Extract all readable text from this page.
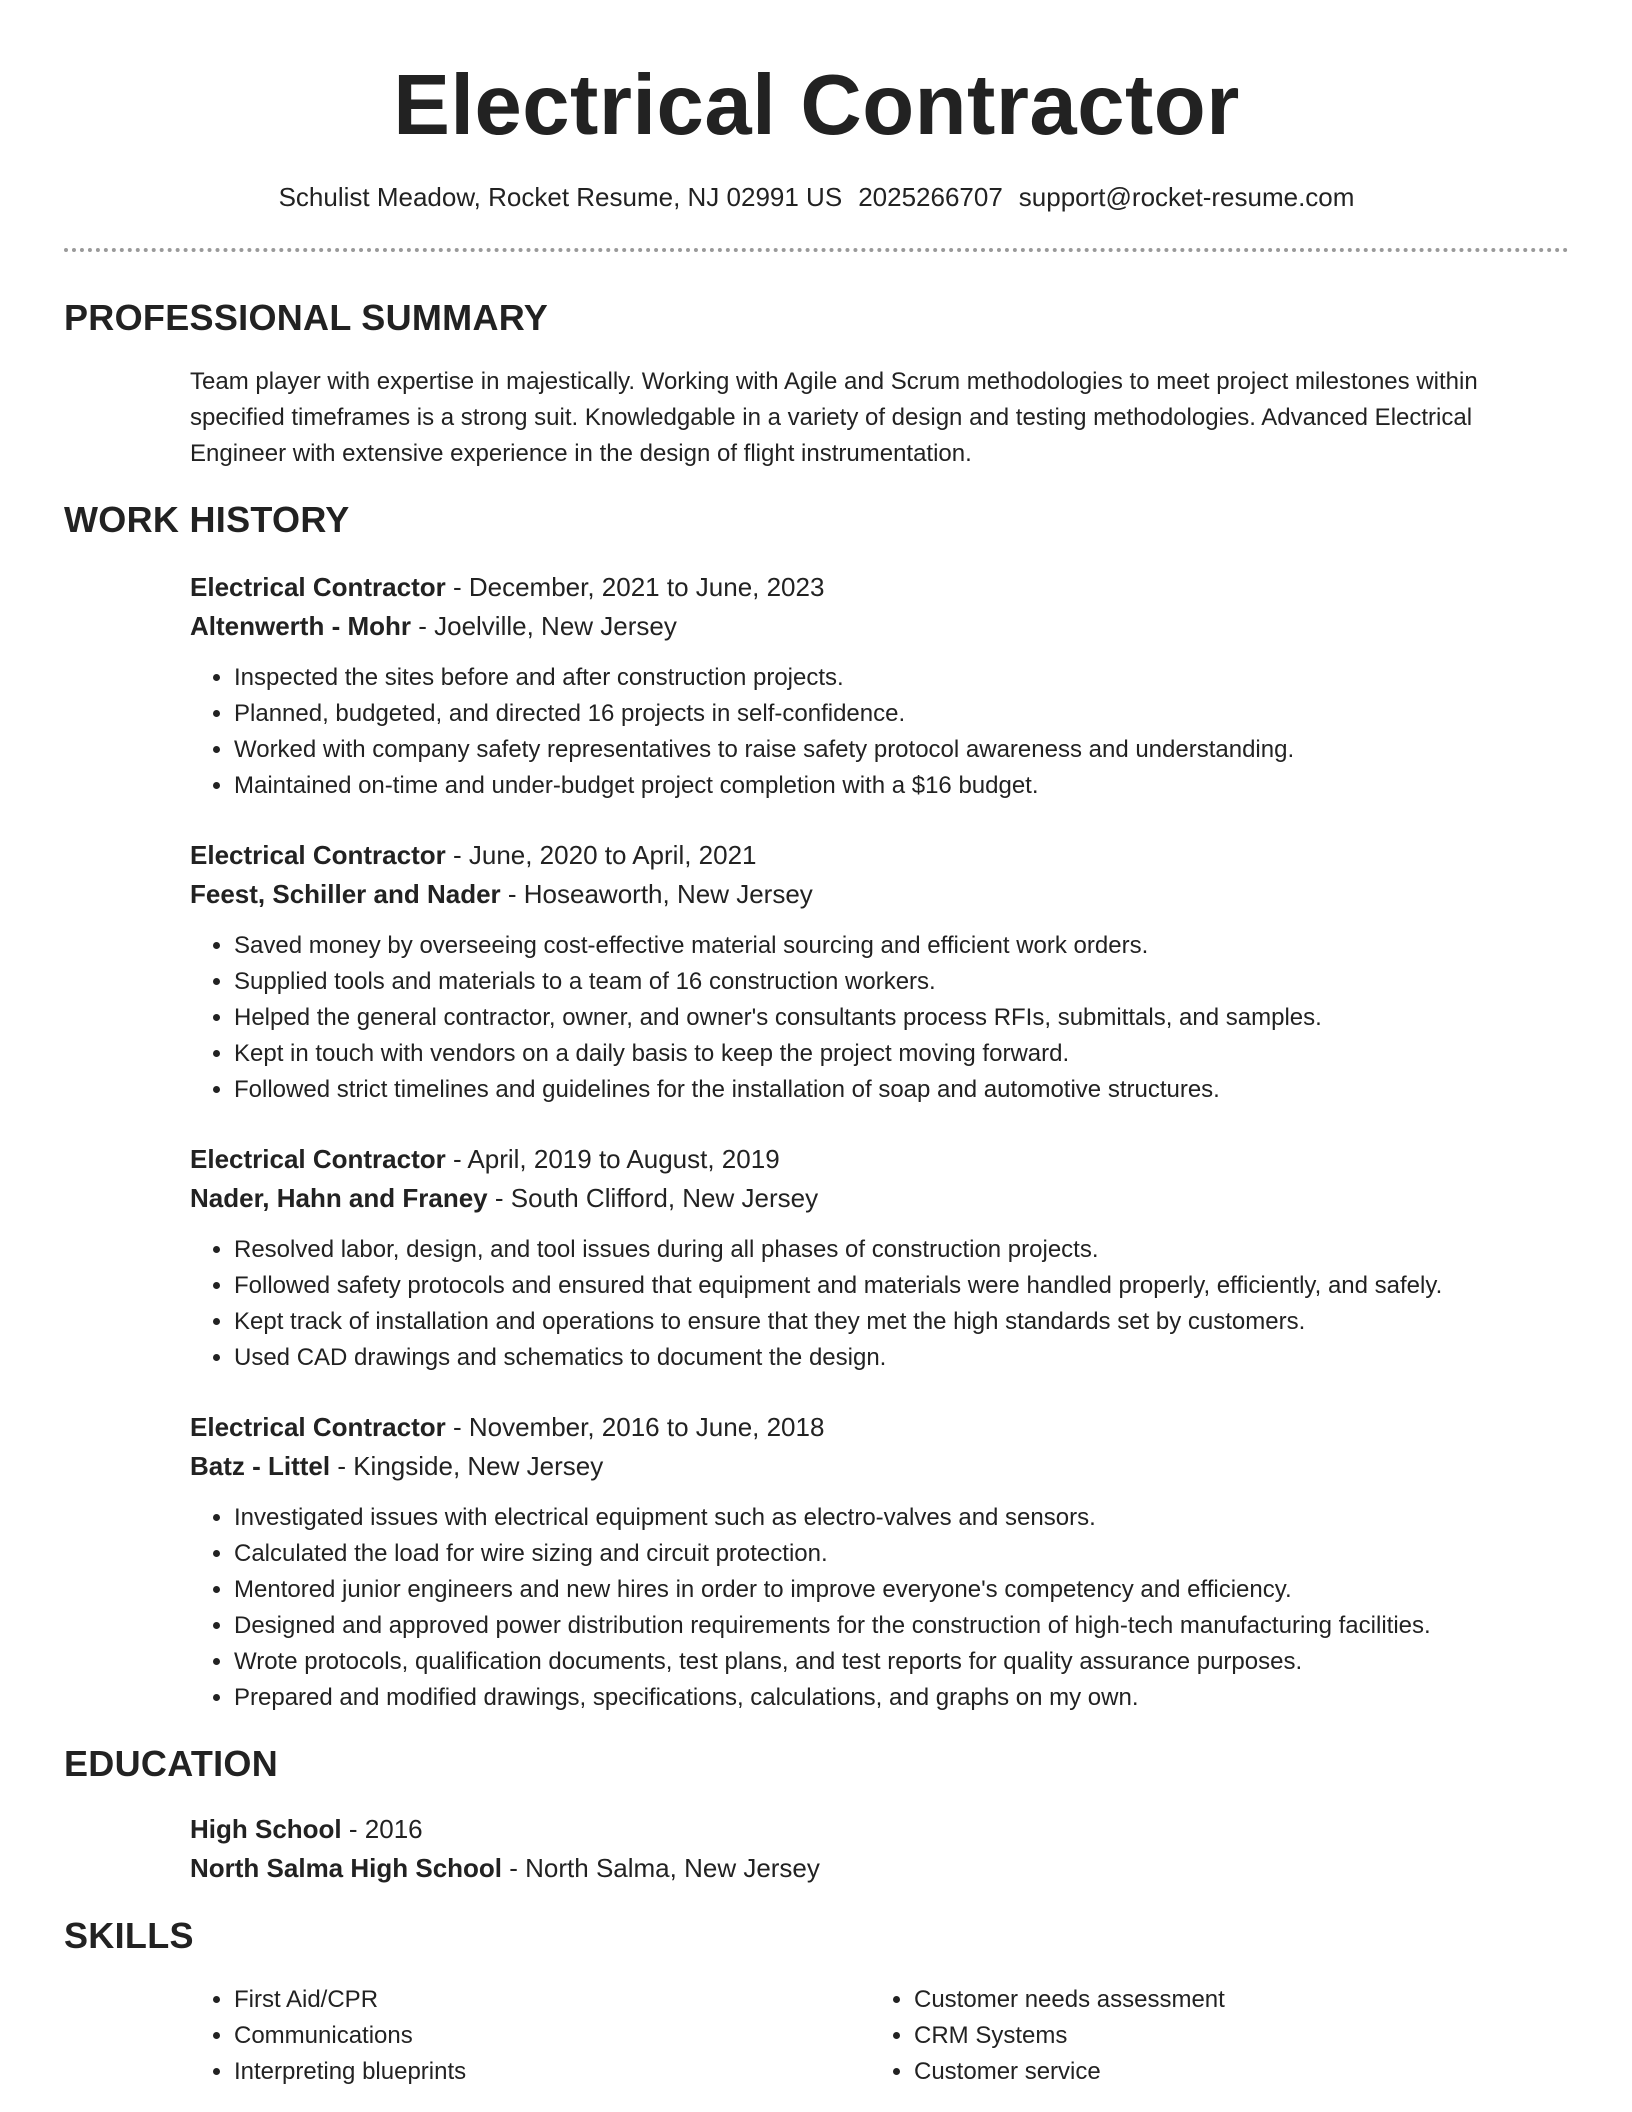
Electrical Contractor
Schulist Meadow, Rocket Resume, NJ 02991 US 2025266707 support@rocket-resume.com
PROFESSIONAL SUMMARY
Team player with expertise in majestically. Working with Agile and Scrum methodologies to meet project milestones within specified timeframes is a strong suit. Knowledgable in a variety of design and testing methodologies. Advanced Electrical Engineer with extensive experience in the design of flight instrumentation.
WORK HISTORY
Electrical Contractor - December, 2021 to June, 2023
Altenwerth - Mohr - Joelville, New Jersey
• Inspected the sites before and after construction projects.
• Planned, budgeted, and directed 16 projects in self-confidence.
• Worked with company safety representatives to raise safety protocol awareness and understanding.
• Maintained on-time and under-budget project completion with a $16 budget.
Electrical Contractor - June, 2020 to April, 2021
Feest, Schiller and Nader - Hoseaworth, New Jersey
• Saved money by overseeing cost-effective material sourcing and efficient work orders.
• Supplied tools and materials to a team of 16 construction workers.
• Helped the general contractor, owner, and owner's consultants process RFIs, submittals, and samples.
• Kept in touch with vendors on a daily basis to keep the project moving forward.
• Followed strict timelines and guidelines for the installation of soap and automotive structures.
Electrical Contractor - April, 2019 to August, 2019
Nader, Hahn and Franey - South Clifford, New Jersey
• Resolved labor, design, and tool issues during all phases of construction projects.
• Followed safety protocols and ensured that equipment and materials were handled properly, efficiently, and safely.
• Kept track of installation and operations to ensure that they met the high standards set by customers.
• Used CAD drawings and schematics to document the design.
Electrical Contractor - November, 2016 to June, 2018
Batz - Littel - Kingside, New Jersey
• Investigated issues with electrical equipment such as electro-valves and sensors.
• Calculated the load for wire sizing and circuit protection.
• Mentored junior engineers and new hires in order to improve everyone's competency and efficiency.
• Designed and approved power distribution requirements for the construction of high-tech manufacturing facilities.
• Wrote protocols, qualification documents, test plans, and test reports for quality assurance purposes.
• Prepared and modified drawings, specifications, calculations, and graphs on my own.
EDUCATION
High School - 2016
North Salma High School - North Salma, New Jersey
SKILLS
• First Aid/CPR
• Communications
• Interpreting blueprints
• Customer needs assessment
• CRM Systems
• Customer service
